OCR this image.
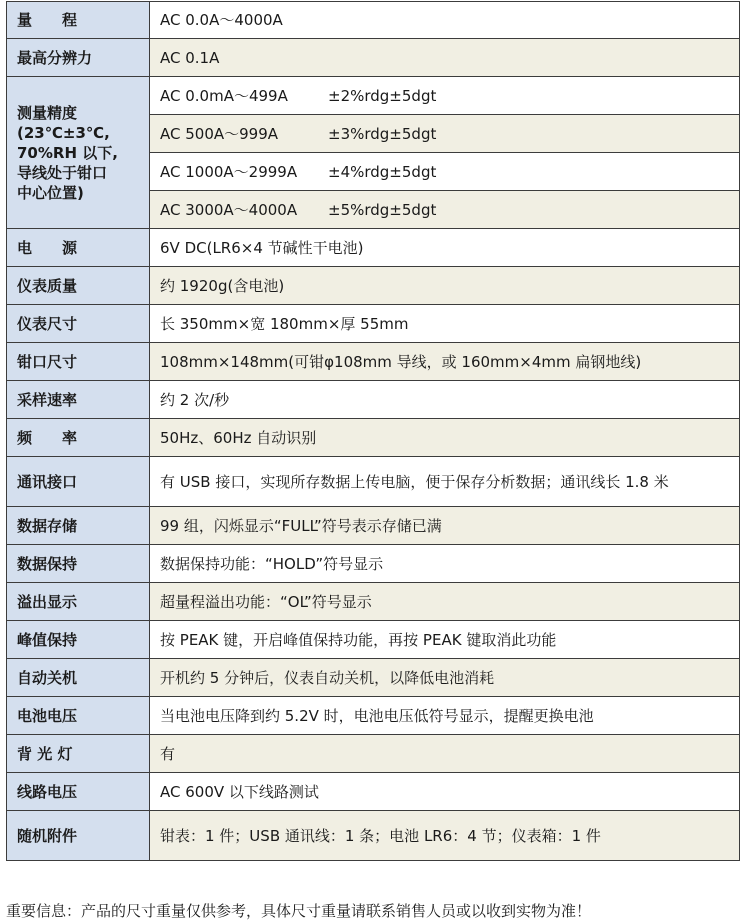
量　　程	AC 0.0A～4000A
最高分辨力	AC 0.1A

测量精度
(23℃±3℃,
70%RH 以下,
导线处于钳口
中心位置)	AC 0.0mA～499A ±2%rdg±5dgt
	AC 500A～999A ±3%rdg±5dgt
	AC 1000A～2999A ±4%rdg±5dgt
	AC 3000A～4000A ±5%rdg±5dgt
电　　源	6V DC(LR6×4 节碱性干电池)
仪表质量	约 1920g(含电池)
仪表尺寸	长 350mm×宽 180mm×厚 55mm
钳口尺寸	108mm×148mm(可钳φ108mm 导线，或 160mm×4mm 扁钢地线)
采样速率	约 2 次/秒
频　　率	50Hz、60Hz 自动识别
通讯接口	有 USB 接口，实现所存数据上传电脑，便于保存分析数据；通讯线长 1.8 米
数据存储	99 组，闪烁显示“FULL”符号表示存储已满
数据保持	数据保持功能：“HOLD”符号显示
溢出显示	超量程溢出功能：“OL”符号显示
峰值保持	按 PEAK 键，开启峰值保持功能，再按 PEAK 键取消此功能
自动关机	开机约 5 分钟后，仪表自动关机，以降低电池消耗
电池电压	当电池电压降到约 5.2V 时，电池电压低符号显示，提醒更换电池
背 光 灯	有
线路电压	AC 600V 以下线路测试
随机附件	钳表：1 件；USB 通讯线：1 条；电池 LR6：4 节；仪表箱：1 件
重要信息：产品的尺寸重量仅供参考，具体尺寸重量请联系销售人员或以收到实物为准！
